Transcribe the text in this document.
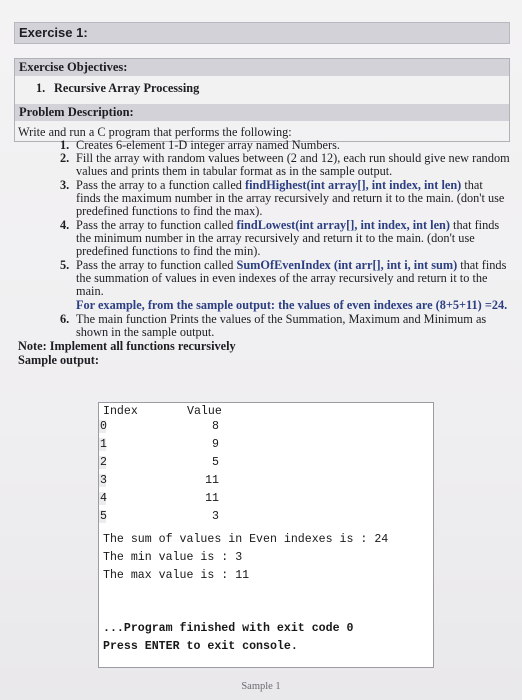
Exercise 1:
Exercise Objectives:
1. Recursive Array Processing
Problem Description:
Write and run a C program that performs the following:
1. Creates 6-element 1-D integer array named Numbers.
2. Fill the array with random values between (2 and 12), each run should give new random
values and prints them in tabular format as in the sample output.
3. Pass the array to a function called findHighest(int array[], int index, int len) that
finds the maximum number in the array recursively and return it to the main. (don't use
predefined functions to find the max).
4. Pass the array to function called findLowest(int array[], int index, int len) that finds
the minimum number in the array recursively and return it to the main. (don't use
predefined functions to find the min).
5. Pass the array to function called SumOfEvenIndex (int arr[], int i, int sum) that finds
the summation of values in even indexes of the array recursively and return it to the
main.
For example, from the sample output: the values of even indexes are (8+5+11) =24.
6. The main function Prints the values of the Summation, Maximum and Minimum as
shown in the sample output.
Note: Implement all functions recursively
Sample output:
Index	Value
0	8
1	9
2	5
3	11
4	11
5	3
The sum of values in Even indexes is : 24
The min value is : 3
The max value is : 11
...Program finished with exit code 0
Press ENTER to exit console.
Sample 1
